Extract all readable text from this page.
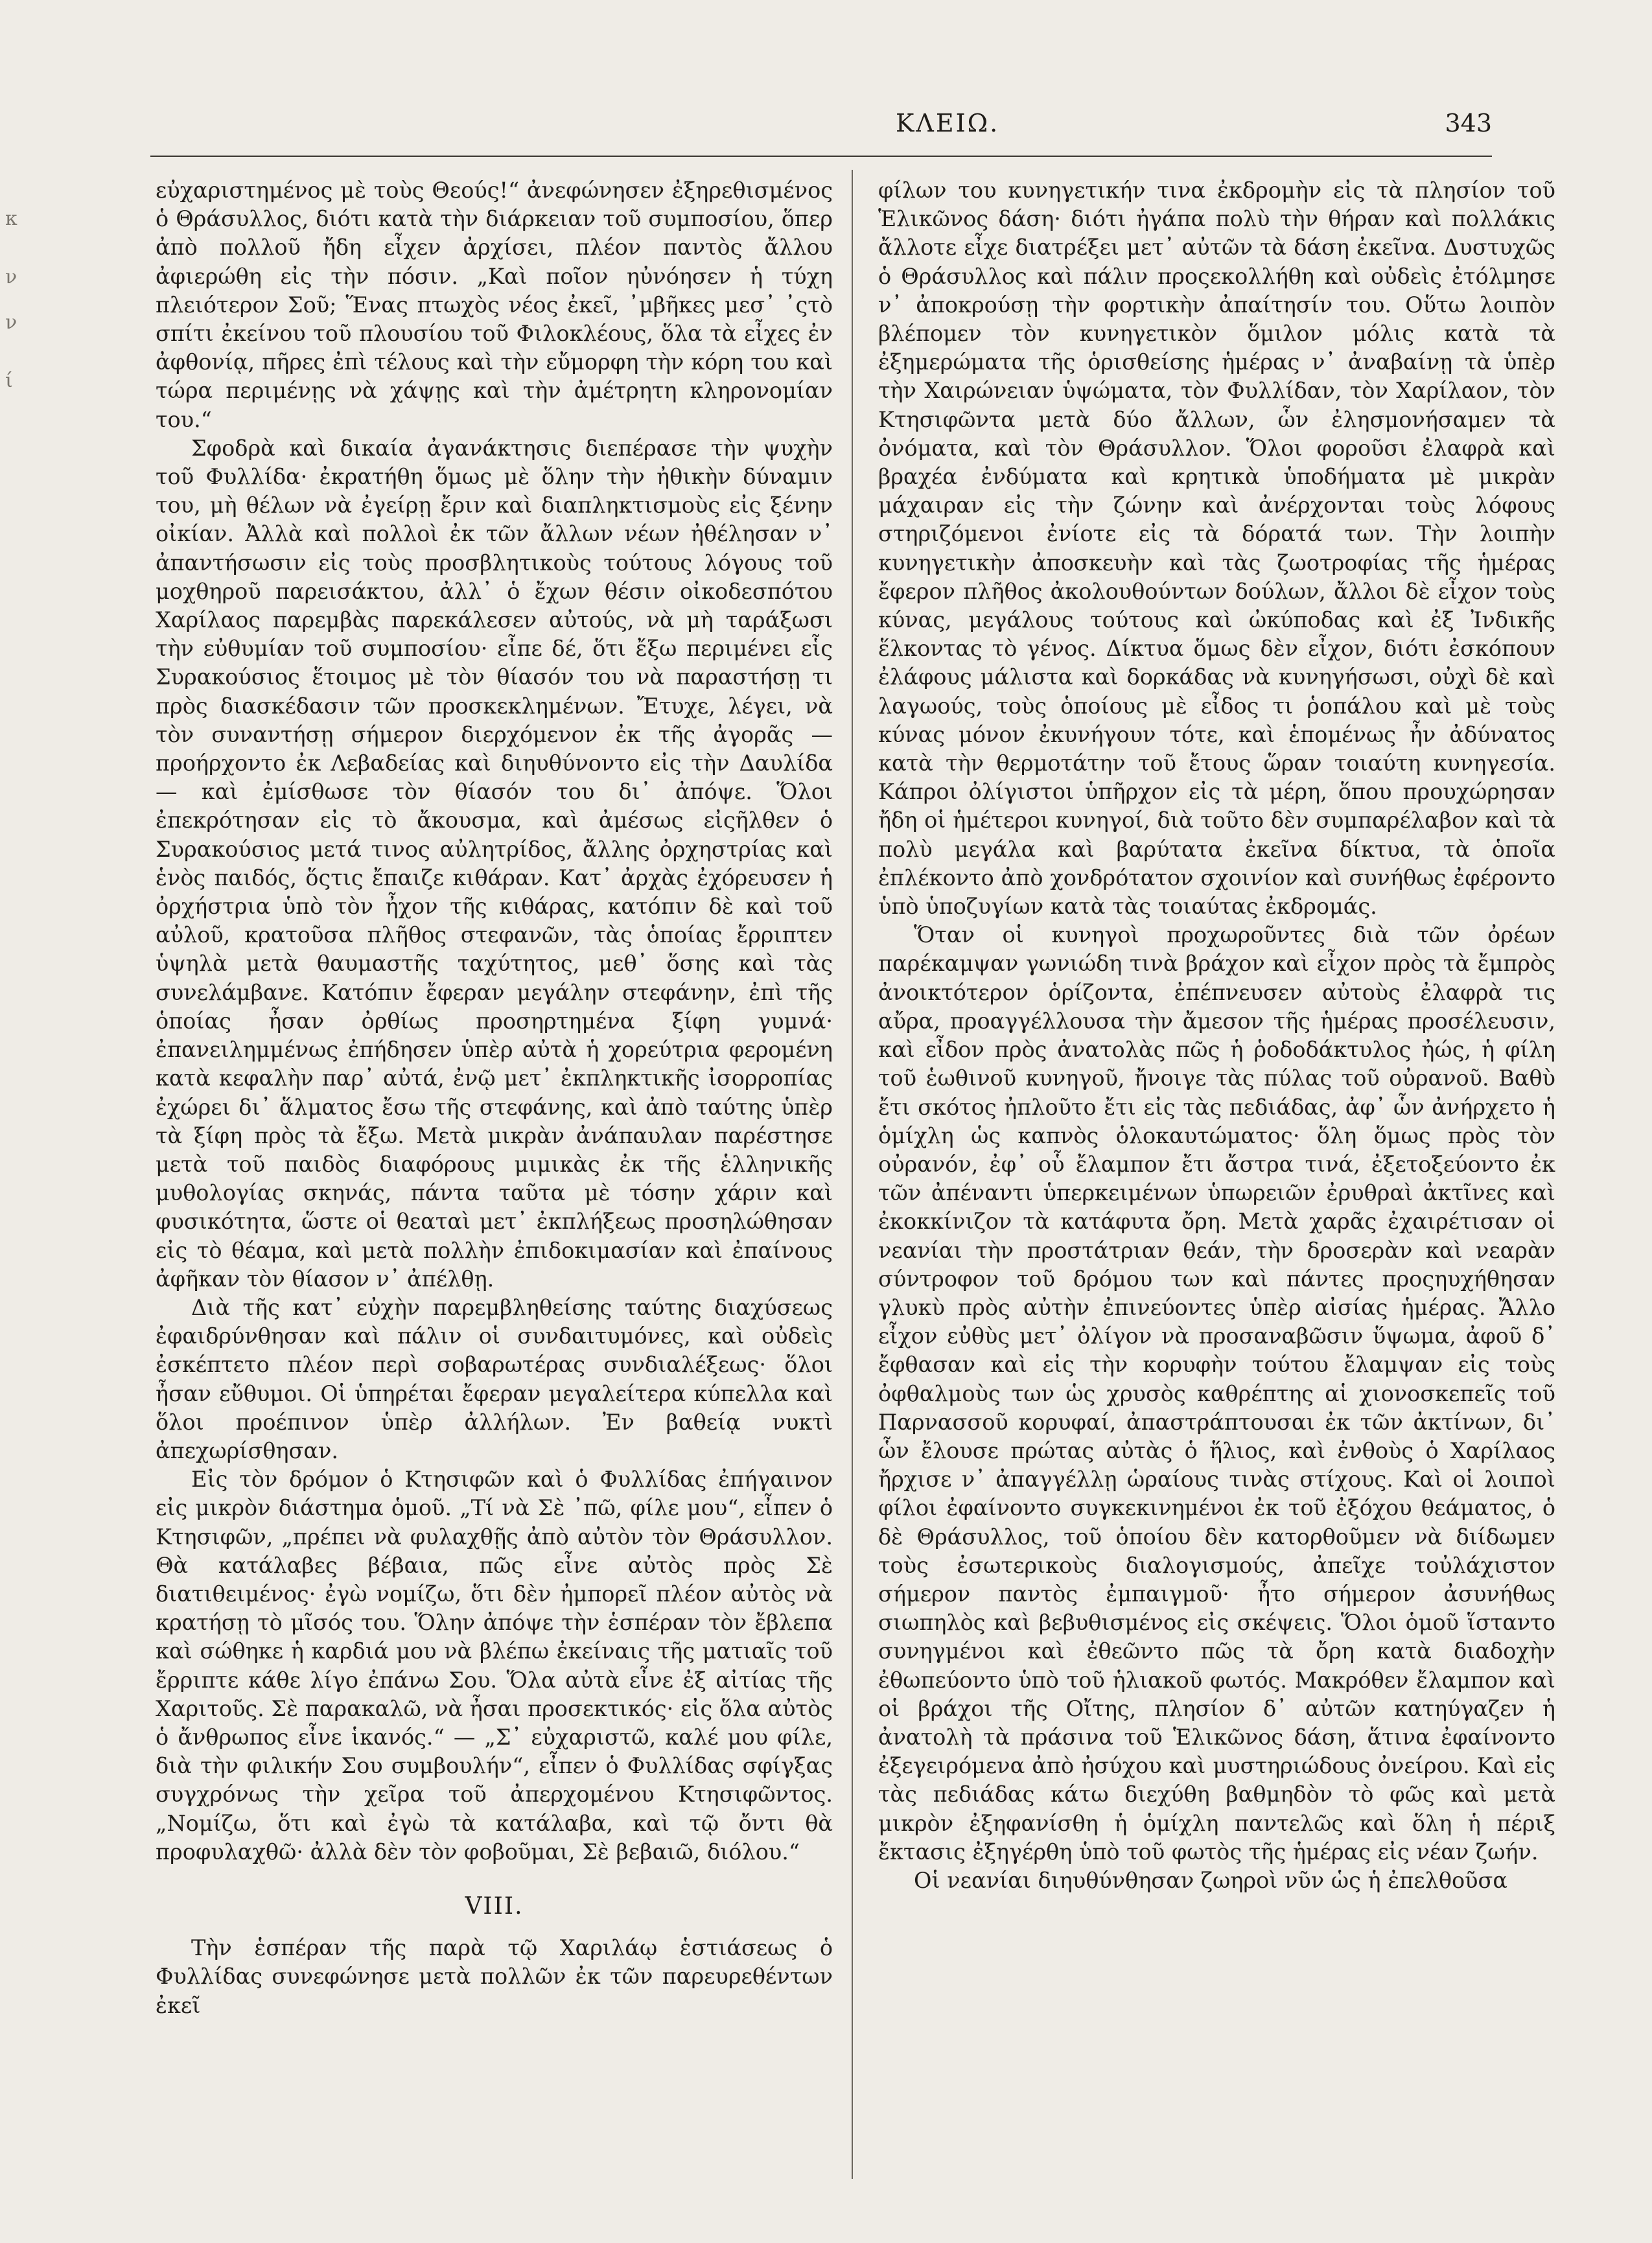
κ
ν
ν
ί
ΚΛΕΙΩ.	343

εὐχαριστημένος μὲ τοὺς Θεούς!“ ἀνεφώνησεν ἐξηρεθισμένος ὁ Θράσυλλος, διότι κατὰ τὴν διάρκειαν τοῦ συμποσίου, ὅπερ ἀπὸ πολλοῦ ἤδη εἶχεν ἀρχίσει, πλέον παντὸς ἄλλου ἀφιερώθη εἰς τὴν πόσιν. „Καὶ ποῖον ηὐνόησεν ἡ τύχη πλειότερον Σοῦ; Ἕνας πτωχὸς νέος ἐκεῖ, ᾽μβῆκες μεσ᾽ ᾽ςτὸ σπίτι ἐκείνου τοῦ πλουσίου τοῦ Φιλοκλέους, ὅλα τὰ εἶχες ἐν ἀφθονίᾳ, πῆρες ἐπὶ τέλους καὶ τὴν εὔμορφη τὴν κόρη του καὶ τώρα περιμένῃς νὰ χάψῃς καὶ τὴν ἀμέτρητη κληρονομίαν του.“

Σφοδρὰ καὶ δικαία ἀγανάκτησις διεπέρασε τὴν ψυχὴν τοῦ Φυλλίδα· ἐκρατήθη ὅμως μὲ ὅλην τὴν ἠθικὴν δύναμιν του, μὴ θέλων νὰ ἐγείρῃ ἔριν καὶ διαπληκτισμοὺς εἰς ξένην οἰκίαν. Ἀλλὰ καὶ πολλοὶ ἐκ τῶν ἄλλων νέων ἠθέλησαν ν᾽ ἀπαντήσωσιν εἰς τοὺς προσβλητικοὺς τούτους λόγους τοῦ μοχθηροῦ παρεισάκτου, ἀλλ᾽ ὁ ἔχων θέσιν οἰκοδεσπότου Χαρίλαος παρεμβὰς παρεκάλεσεν αὐτούς, νὰ μὴ ταράξωσι τὴν εὐθυμίαν τοῦ συμποσίου· εἶπε δέ, ὅτι ἔξω περιμένει εἷς Συρακούσιος ἕτοιμος μὲ τὸν θίασόν του νὰ παραστήσῃ τι πρὸς διασκέδασιν τῶν προσκεκλημένων. Ἔτυχε, λέγει, νὰ τὸν συναντήσῃ σήμερον διερχόμενον ἐκ τῆς ἀγορᾶς — προήρχοντο ἐκ Λεβαδείας καὶ διηυθύνοντο εἰς τὴν Δαυλίδα — καὶ ἐμίσθωσε τὸν θίασόν του δι᾽ ἀπόψε. Ὅλοι ἐπεκρότησαν εἰς τὸ ἄκουσμα, καὶ ἀμέσως εἰςῆλθεν ὁ Συρακούσιος μετά τινος αὐλητρίδος, ἄλλης ὀρχηστρίας καὶ ἑνὸς παιδός, ὅςτις ἔπαιζε κιθάραν. Κατ᾽ ἀρχὰς ἐχόρευσεν ἡ ὀρχήστρια ὑπὸ τὸν ἦχον τῆς κιθάρας, κατόπιν δὲ καὶ τοῦ αὐλοῦ, κρατοῦσα πλῆθος στεφανῶν, τὰς ὁποίας ἔρριπτεν ὑψηλὰ μετὰ θαυμαστῆς ταχύτητος, μεθ᾽ ὅσης καὶ τὰς συνελάμβανε. Κατόπιν ἔφεραν μεγάλην στεφάνην, ἐπὶ τῆς ὁποίας ἦσαν ὀρθίως προσηρτημένα ξίφη γυμνά· ἐπανειλημμένως ἐπήδησεν ὑπὲρ αὐτὰ ἡ χορεύτρια φερομένη κατὰ κεφαλὴν παρ᾽ αὐτά, ἐνῷ μετ᾽ ἐκπληκτικῆς ἰσορροπίας ἐχώρει δι᾽ ἅλματος ἔσω τῆς στεφάνης, καὶ ἀπὸ ταύτης ὑπὲρ τὰ ξίφη πρὸς τὰ ἔξω. Μετὰ μικρὰν ἀνάπαυλαν παρέστησε μετὰ τοῦ παιδὸς διαφόρους μιμικὰς ἐκ τῆς ἑλληνικῆς μυθολογίας σκηνάς, πάντα ταῦτα μὲ τόσην χάριν καὶ φυσικότητα, ὥστε οἱ θεαταὶ μετ᾽ ἐκπλήξεως προσηλώθησαν εἰς τὸ θέαμα, καὶ μετὰ πολλὴν ἐπιδοκιμασίαν καὶ ἐπαίνους ἀφῆκαν τὸν θίασον ν᾽ ἀπέλθῃ.

Διὰ τῆς κατ᾽ εὐχὴν παρεμβληθείσης ταύτης διαχύσεως ἐφαιδρύνθησαν καὶ πάλιν οἱ συνδαιτυμόνες, καὶ οὐδεὶς ἐσκέπτετο πλέον περὶ σοβαρωτέρας συνδιαλέξεως· ὅλοι ἦσαν εὔθυμοι. Οἱ ὑπηρέται ἔφεραν μεγαλείτερα κύπελλα καὶ ὅλοι προέπινον ὑπὲρ ἀλλήλων. Ἐν βαθείᾳ νυκτὶ ἀπεχωρίσθησαν.

Εἰς τὸν δρόμον ὁ Κτησιφῶν καὶ ὁ Φυλλίδας ἐπήγαινον εἰς μικρὸν διάστημα ὁμοῦ. „Τί νὰ Σὲ ᾽πῶ, φίλε μου“, εἶπεν ὁ Κτησιφῶν, „πρέπει νὰ φυλαχθῇς ἀπὸ αὐτὸν τὸν Θράσυλλον. Θὰ κατάλαβες βέβαια, πῶς εἶνε αὐτὸς πρὸς Σὲ διατιθειμένος· ἐγὼ νομίζω, ὅτι δὲν ἠμπορεῖ πλέον αὐτὸς νὰ κρατήσῃ τὸ μῖσός του. Ὅλην ἀπόψε τὴν ἑσπέραν τὸν ἔβλεπα καὶ σώθηκε ἡ καρδιά μου νὰ βλέπω ἐκείναις τῆς ματιαῖς τοῦ ἔρριπτε κάθε λίγο ἐπάνω Σου. Ὅλα αὐτὰ εἶνε ἐξ αἰτίας τῆς Χαριτοῦς. Σὲ παρακαλῶ, νὰ ἦσαι προσεκτικός· εἰς ὅλα αὐτὸς ὁ ἄνθρωπος εἶνε ἱκανός.“ — „Σ᾽ εὐχαριστῶ, καλέ μου φίλε, διὰ τὴν φιλικήν Σου συμβουλήν“, εἶπεν ὁ Φυλλίδας σφίγξας συγχρόνως τὴν χεῖρα τοῦ ἀπερχομένου Κτησιφῶντος. „Νομίζω, ὅτι καὶ ἐγὼ τὰ κατάλαβα, καὶ τῷ ὄντι θὰ προφυλαχθῶ· ἀλλὰ δὲν τὸν φοβοῦμαι, Σὲ βεβαιῶ, διόλου.“

VIII.

Τὴν ἑσπέραν τῆς παρὰ τῷ Χαριλάῳ ἑστιάσεως ὁ Φυλλίδας συνεφώνησε μετὰ πολλῶν ἐκ τῶν παρευρεθέντων ἐκεῖ

φίλων του κυνηγετικήν τινα ἐκδρομὴν εἰς τὰ πλησίον τοῦ Ἑλικῶνος δάση· διότι ἠγάπα πολὺ τὴν θήραν καὶ πολλάκις ἄλλοτε εἶχε διατρέξει μετ᾽ αὐτῶν τὰ δάση ἐκεῖνα. Δυστυχῶς ὁ Θράσυλλος καὶ πάλιν προςεκολλήθη καὶ οὐδεὶς ἐτόλμησε ν᾽ ἀποκρούσῃ τὴν φορτικὴν ἀπαίτησίν του. Οὕτω λοιπὸν βλέπομεν τὸν κυνηγετικὸν ὅμιλον μόλις κατὰ τὰ ἐξημερώματα τῆς ὁρισθείσης ἡμέρας ν᾽ ἀναβαίνῃ τὰ ὑπὲρ τὴν Χαιρώνειαν ὑψώματα, τὸν Φυλλίδαν, τὸν Χαρίλαον, τὸν Κτησιφῶντα μετὰ δύο ἄλλων, ὧν ἐλησμονήσαμεν τὰ ὀνόματα, καὶ τὸν Θράσυλλον. Ὅλοι φοροῦσι ἐλαφρὰ καὶ βραχέα ἐνδύματα καὶ κρητικὰ ὑποδήματα μὲ μικρὰν μάχαιραν εἰς τὴν ζώνην καὶ ἀνέρχονται τοὺς λόφους στηριζόμενοι ἐνίοτε εἰς τὰ δόρατά των. Τὴν λοιπὴν κυνηγετικὴν ἀποσκευὴν καὶ τὰς ζωοτροφίας τῆς ἡμέρας ἔφερον πλῆθος ἀκολουθούντων δούλων, ἄλλοι δὲ εἶχον τοὺς κύνας, μεγάλους τούτους καὶ ὠκύποδας καὶ ἐξ Ἰνδικῆς ἕλκοντας τὸ γένος. Δίκτυα ὅμως δὲν εἶχον, διότι ἐσκόπουν ἐλάφους μάλιστα καὶ δορκάδας νὰ κυνηγήσωσι, οὐχὶ δὲ καὶ λαγωούς, τοὺς ὁποίους μὲ εἶδος τι ῥοπάλου καὶ μὲ τοὺς κύνας μόνον ἐκυνήγουν τότε, καὶ ἑπομένως ἦν ἀδύνατος κατὰ τὴν θερμοτάτην τοῦ ἔτους ὥραν τοιαύτη κυνηγεσία. Κάπροι ὀλίγιστοι ὑπῆρχον εἰς τὰ μέρη, ὅπου προυχώρησαν ἤδη οἱ ἡμέτεροι κυνηγοί, διὰ τοῦτο δὲν συμπαρέλαβον καὶ τὰ πολὺ μεγάλα καὶ βαρύτατα ἐκεῖνα δίκτυα, τὰ ὁποῖα ἐπλέκοντο ἀπὸ χονδρότατον σχοινίον καὶ συνήθως ἐφέροντο ὑπὸ ὑποζυγίων κατὰ τὰς τοιαύτας ἐκδρομάς.

Ὅταν οἱ κυνηγοὶ προχωροῦντες διὰ τῶν ὀρέων παρέκαμψαν γωνιώδη τινὰ βράχον καὶ εἶχον πρὸς τὰ ἔμπρὸς ἀνοικτότερον ὁρίζοντα, ἐπέπνευσεν αὐτοὺς ἐλαφρὰ τις αὔρα, προαγγέλλουσα τὴν ἄμεσον τῆς ἡμέρας προσέλευσιν, καὶ εἶδον πρὸς ἀνατολὰς πῶς ἡ ῥοδοδάκτυλος ἠώς, ἡ φίλη τοῦ ἑωθινοῦ κυνηγοῦ, ἤνοιγε τὰς πύλας τοῦ οὐρανοῦ. Βαθὺ ἔτι σκότος ἠπλοῦτο ἔτι εἰς τὰς πεδιάδας, ἀφ᾽ ὧν ἀνήρχετο ἡ ὁμίχλη ὡς καπνὸς ὁλοκαυτώματος· ὅλη ὅμως πρὸς τὸν οὐρανόν, ἐφ᾽ οὗ ἔλαμπον ἔτι ἄστρα τινά, ἐξετοξεύοντο ἐκ τῶν ἀπέναντι ὑπερκειμένων ὑπωρειῶν ἐρυθραὶ ἀκτῖνες καὶ ἐκοκκίνιζον τὰ κατάφυτα ὄρη. Μετὰ χαρᾶς ἐχαιρέτισαν οἱ νεανίαι τὴν προστάτριαν θεάν, τὴν δροσερὰν καὶ νεαρὰν σύντροφον τοῦ δρόμου των καὶ πάντες προςηυχήθησαν γλυκὺ πρὸς αὐτὴν ἐπινεύοντες ὑπὲρ αἰσίας ἡμέρας. Ἄλλο εἶχον εὐθὺς μετ᾽ ὀλίγον νὰ προσαναβῶσιν ὕψωμα, ἀφοῦ δ᾽ ἔφθασαν καὶ εἰς τὴν κορυφὴν τούτου ἔλαμψαν εἰς τοὺς ὀφθαλμοὺς των ὡς χρυσὸς καθρέπτης αἱ χιονοσκεπεῖς τοῦ Παρνασσοῦ κορυφαί, ἀπαστράπτουσαι ἐκ τῶν ἀκτίνων, δι᾽ ὧν ἔλουσε πρώτας αὐτὰς ὁ ἥλιος, καὶ ἐνθοὺς ὁ Χαρίλαος ἤρχισε ν᾽ ἀπαγγέλλῃ ὡραίους τινὰς στίχους. Καὶ οἱ λοιποὶ φίλοι ἐφαίνοντο συγκεκινημένοι ἐκ τοῦ ἐξόχου θεάματος, ὁ δὲ Θράσυλλος, τοῦ ὁποίου δὲν κατορθοῦμεν νὰ διίδωμεν τοὺς ἐσωτερικοὺς διαλογισμούς, ἀπεῖχε τοὐλάχιστον σήμερον παντὸς ἐμπαιγμοῦ· ἦτο σήμερον ἀσυνήθως σιωπηλὸς καὶ βεβυθισμένος εἰς σκέψεις. Ὅλοι ὁμοῦ ἵσταντο συνηγμένοι καὶ ἐθεῶντο πῶς τὰ ὄρη κατὰ διαδοχὴν ἐθωπεύοντο ὑπὸ τοῦ ἡλιακοῦ φωτός. Μακρόθεν ἔλαμπον καὶ οἱ βράχοι τῆς Οἴτης, πλησίον δ᾽ αὐτῶν κατηύγαζεν ἡ ἀνατολὴ τὰ πράσινα τοῦ Ἑλικῶνος δάση, ἅτινα ἐφαίνοντο ἐξεγειρόμενα ἀπὸ ἠσύχου καὶ μυστηριώδους ὀνείρου. Καὶ εἰς τὰς πεδιάδας κάτω διεχύθη βαθμηδὸν τὸ φῶς καὶ μετὰ μικρὸν ἐξηφανίσθη ἡ ὁμίχλη παντελῶς καὶ ὅλη ἡ πέριξ ἔκτασις ἐξηγέρθη ὑπὸ τοῦ φωτὸς τῆς ἡμέρας εἰς νέαν ζωήν.

Οἱ νεανίαι διηυθύνθησαν ζωηροὶ νῦν ὡς ἡ ἐπελθοῦσα
